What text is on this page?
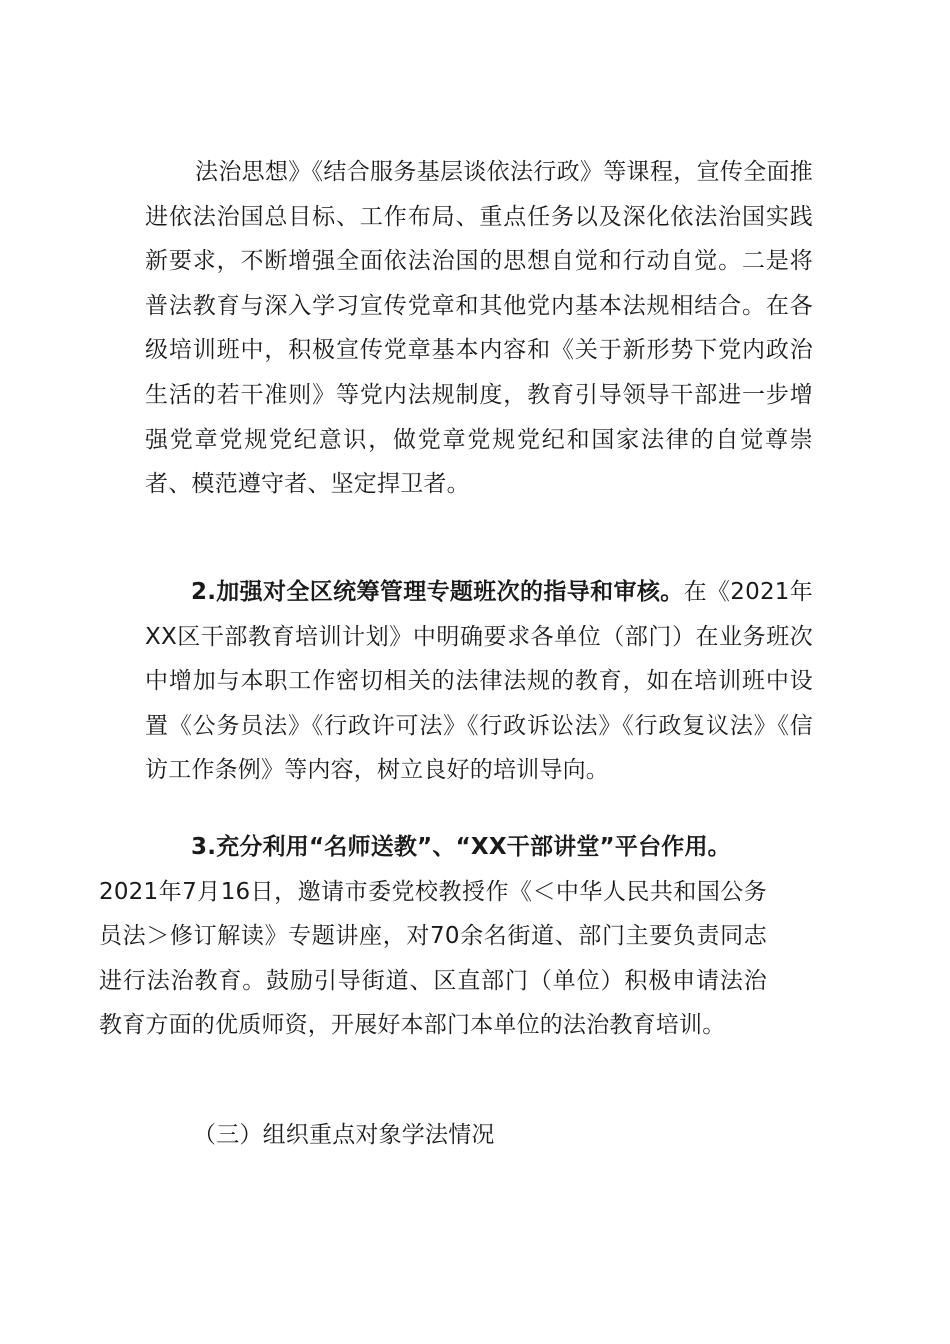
法治思想》《结合服务基层谈依法行政》等课程，宣传全面推进依法治国总目标、工作布局、重点任务以及深化依法治国实践新要求，不断增强全面依法治国的思想自觉和行动自觉。二是将普法教育与深入学习宣传党章和其他党内基本法规相结合。在各级培训班中，积极宣传党章基本内容和《关于新形势下党内政治生活的若干准则》等党内法规制度，教育引导领导干部进一步增强党章党规党纪意识，做党章党规党纪和国家法律的自觉尊崇者、模范遵守者、坚定捍卫者。

2.加强对全区统筹管理专题班次的指导和审核。在《2021年XX区干部教育培训计划》中明确要求各单位（部门）在业务班次中增加与本职工作密切相关的法律法规的教育，如在培训班中设置《公务员法》《行政许可法》《行政诉讼法》《行政复议法》《信访工作条例》等内容，树立良好的培训导向。

3.充分利用“名师送教”、“XX干部讲堂”平台作用。
2021年7月16日，邀请市委党校教授作《＜中华人民共和国公务员法＞修订解读》专题讲座，对70余名街道、部门主要负责同志进行法治教育。鼓励引导街道、区直部门（单位）积极申请法治教育方面的优质师资，开展好本部门本单位的法治教育培训。

（三）组织重点对象学法情况
